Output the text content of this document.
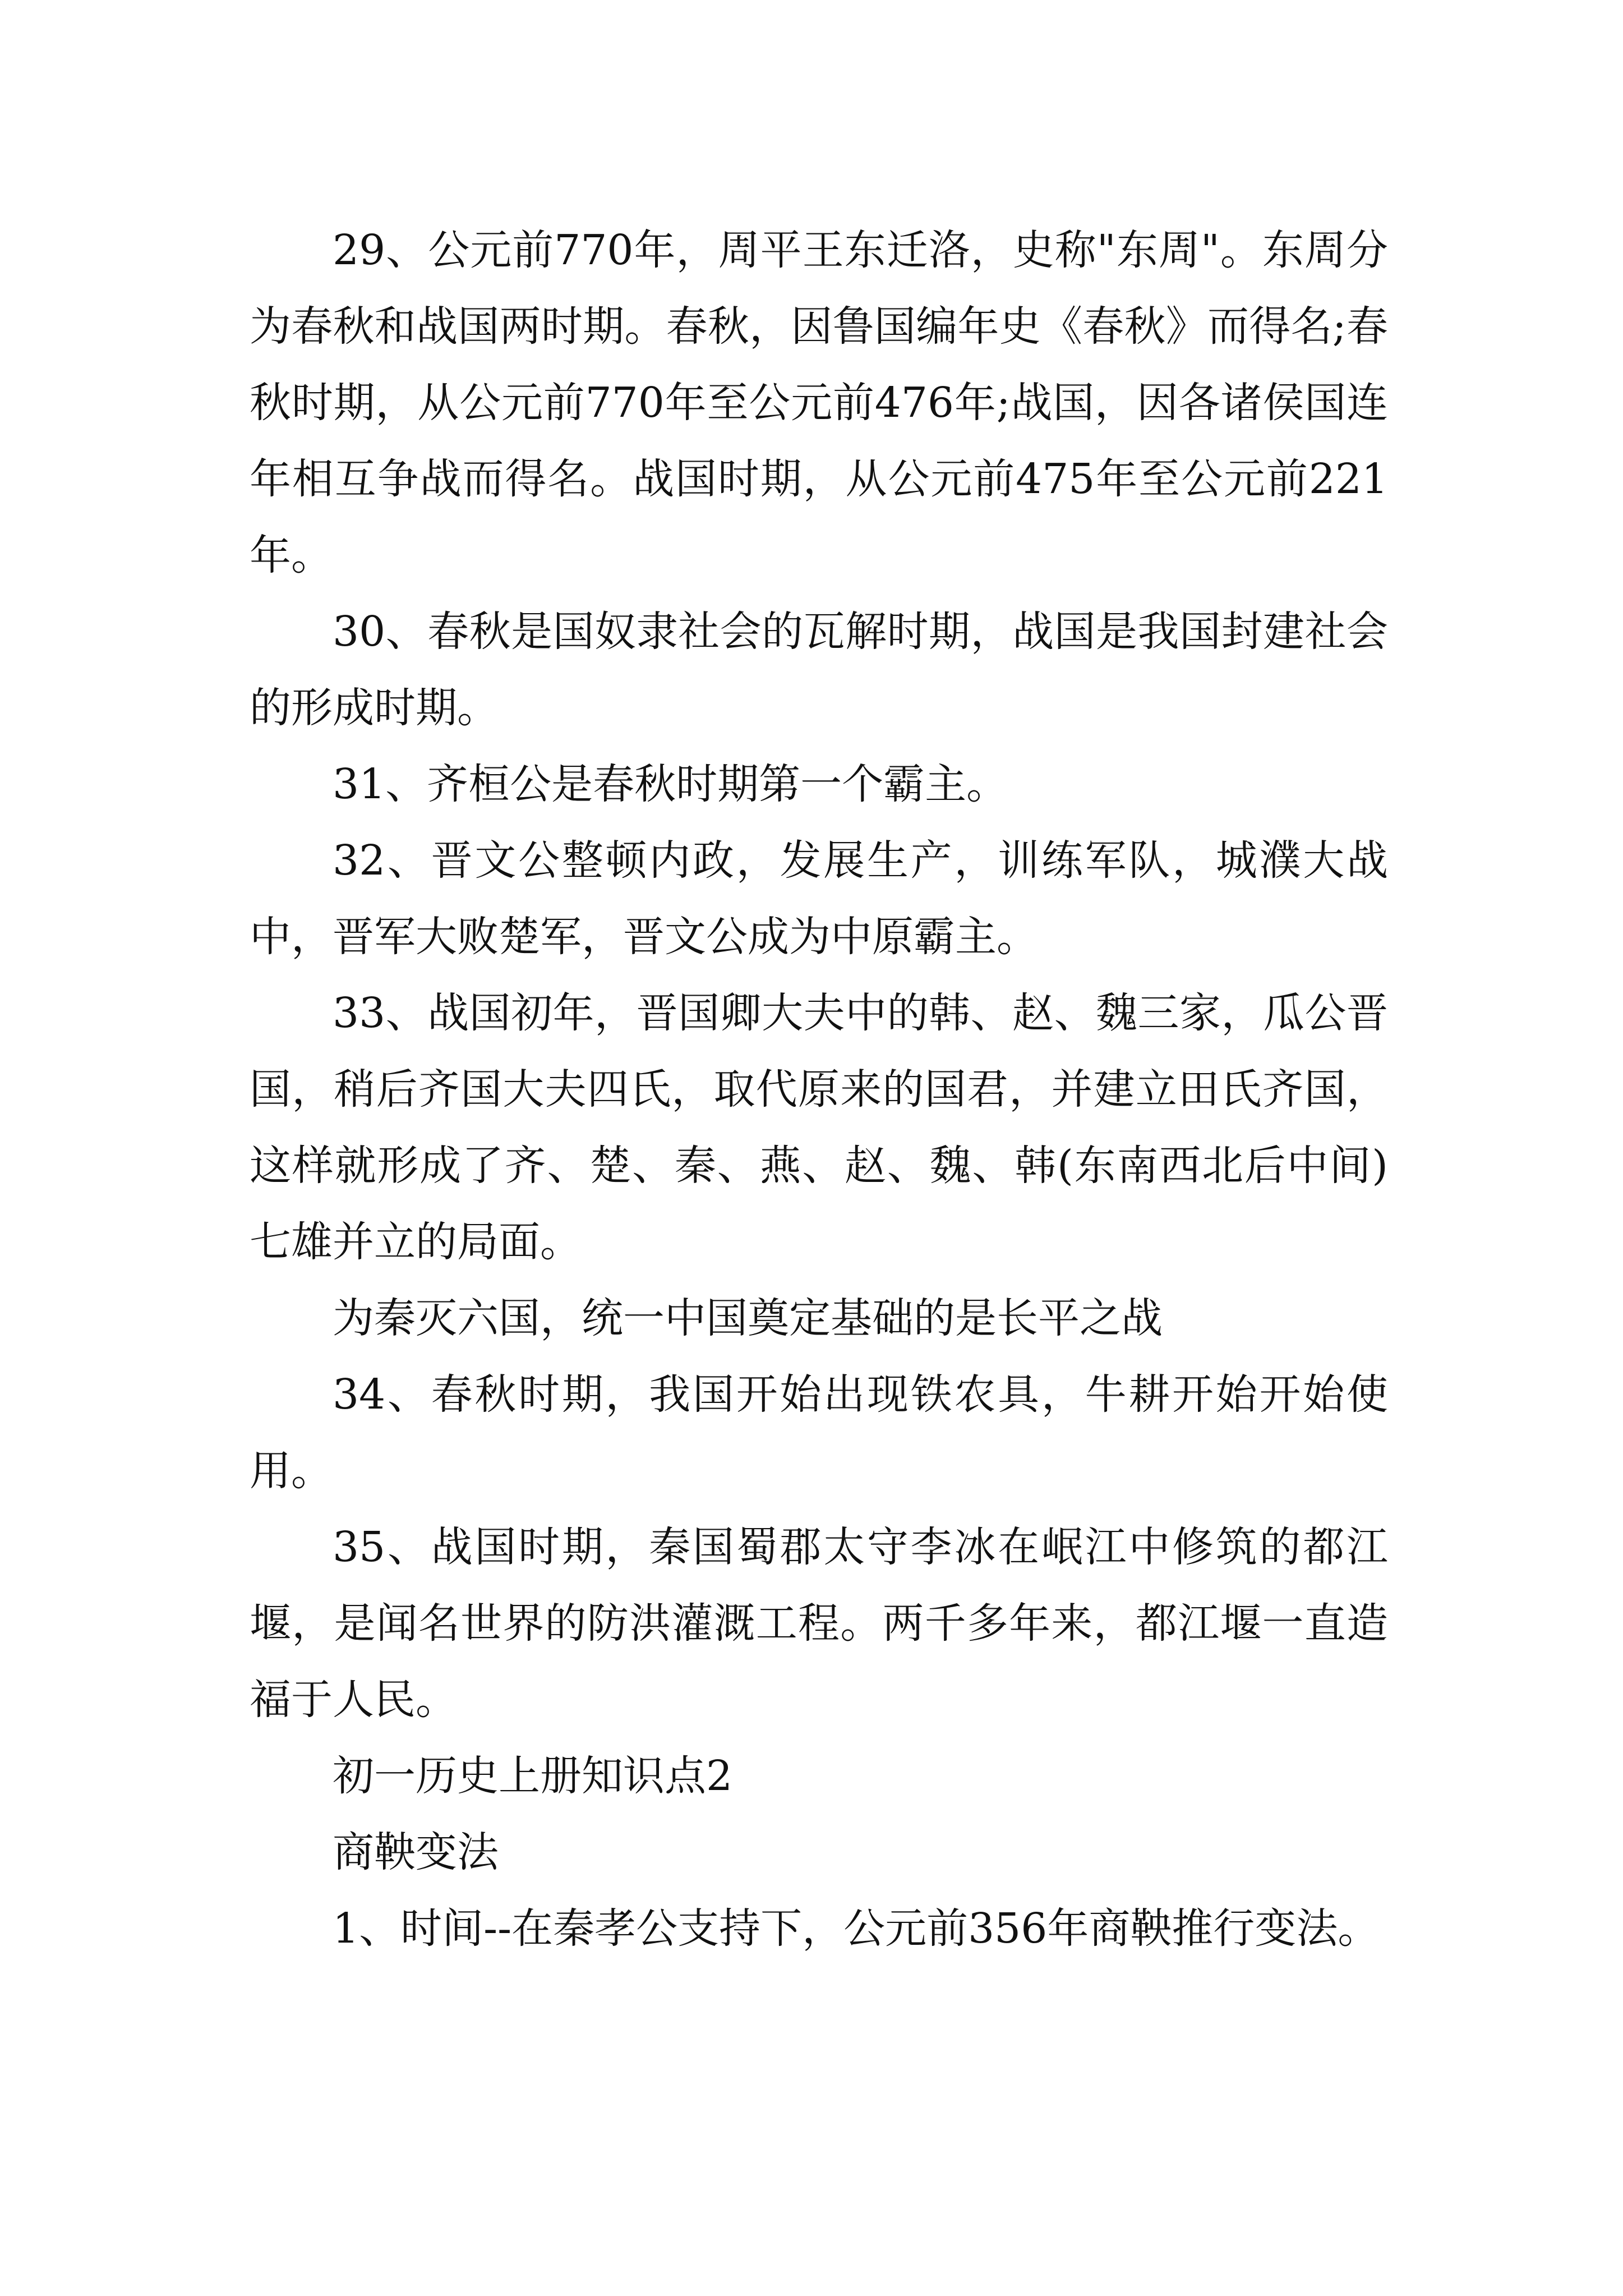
29、公元前770年，周平王东迁洛，史称"东周"。东周分为春秋和战国两时期。春秋，因鲁国编年史《春秋》而得名;春秋时期，从公元前770年至公元前476年;战国，因各诸侯国连年相互争战而得名。战国时期，从公元前475年至公元前221年。

30、春秋是国奴隶社会的瓦解时期，战国是我国封建社会的形成时期。

31、齐桓公是春秋时期第一个霸主。

32、晋文公整顿内政，发展生产，训练军队，城濮大战中，晋军大败楚军，晋文公成为中原霸主。

33、战国初年，晋国卿大夫中的韩、赵、魏三家，瓜公晋国，稍后齐国大夫四氏，取代原来的国君，并建立田氏齐国，这样就形成了齐、楚、秦、燕、赵、魏、韩(东南西北后中间)七雄并立的局面。

为秦灭六国，统一中国奠定基础的是长平之战

34、春秋时期，我国开始出现铁农具，牛耕开始开始使用。

35、战国时期，秦国蜀郡太守李冰在岷江中修筑的都江堰，是闻名世界的防洪灌溉工程。两千多年来，都江堰一直造福于人民。

初一历史上册知识点2

商鞅变法

1、时间--在秦孝公支持下，公元前356年商鞅推行变法。
